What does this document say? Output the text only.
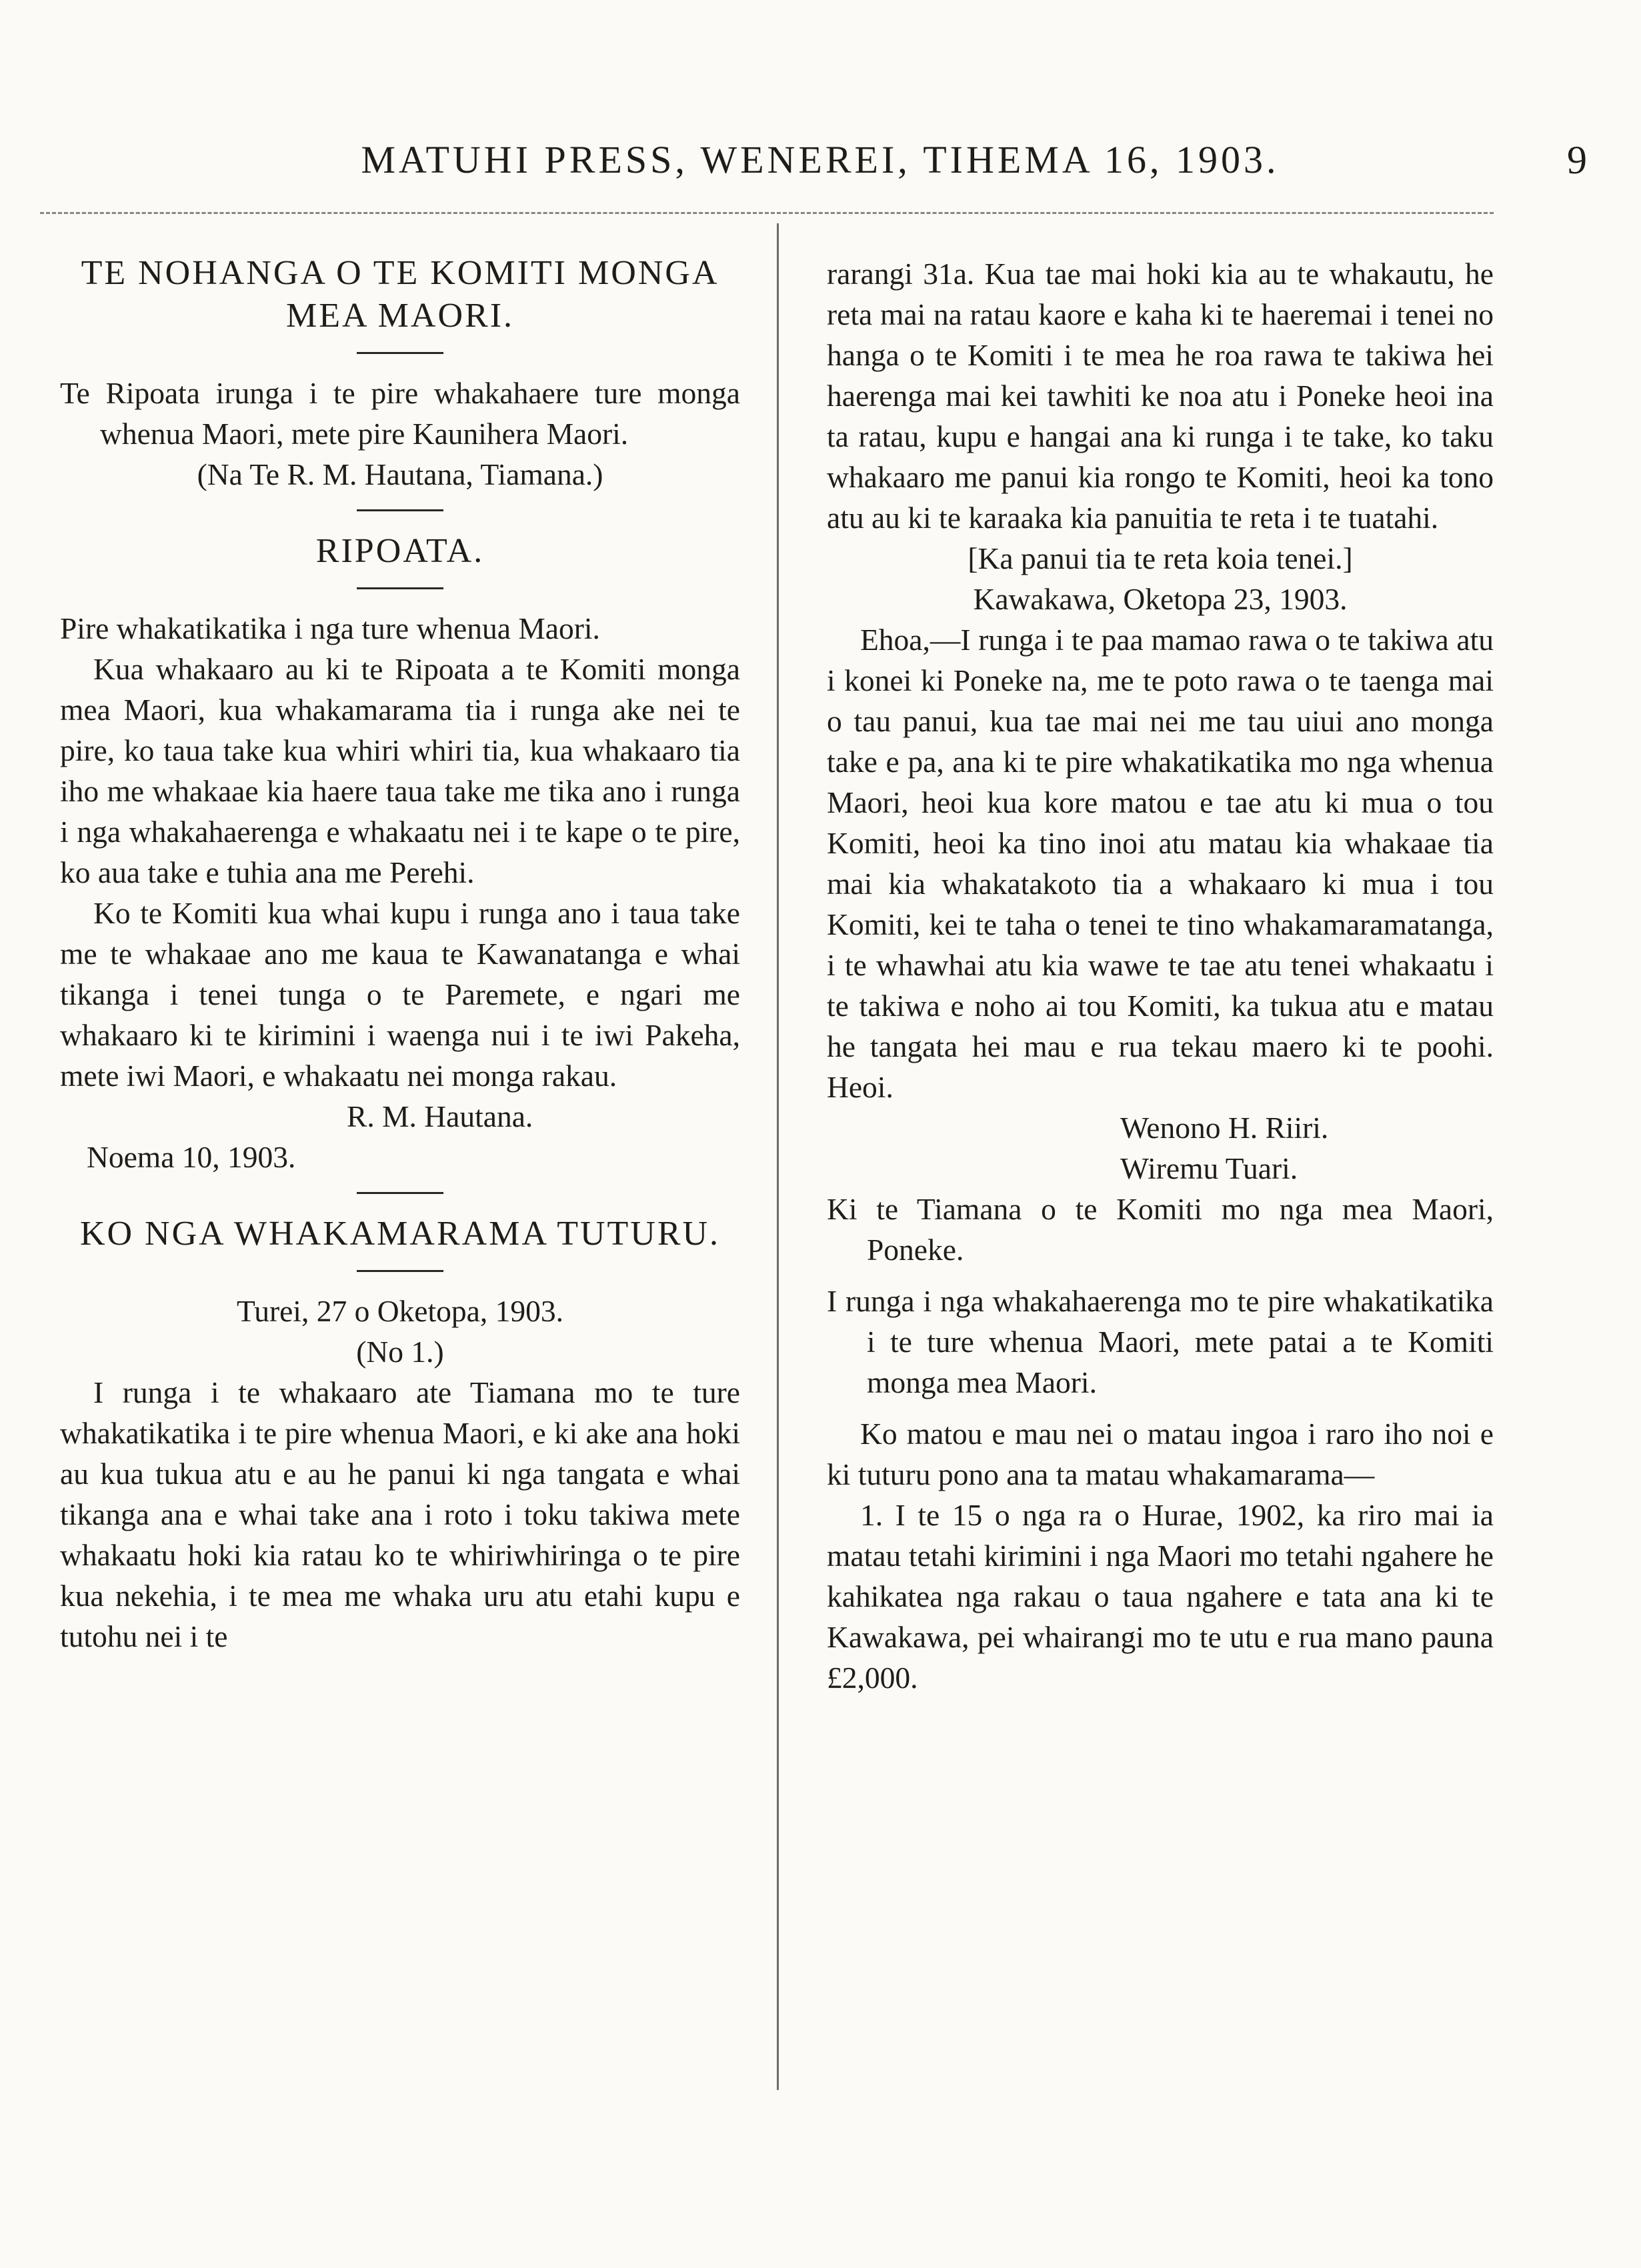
MATUHI PRESS, WENEREI, TIHEMA 16, 1903.	9
TE NOHANGA O TE KOMITI MONGA MEA MAORI.

Te Ripoata irunga i te pire whakahaere ture monga whenua Maori, mete pire Kaunihera Maori.

(Na Te R. M. Hautana, Tiamana.)

RIPOATA.

Pire whakatikatika i nga ture whenua Maori.

Kua whakaaro au ki te Ripoata a te Komiti monga mea Maori, kua whakamarama tia i runga ake nei te pire, ko taua take kua whiri whiri tia, kua whakaaro tia iho me whakaae kia haere taua take me tika ano i runga i nga whakahaerenga e whakaatu nei i te kape o te pire, ko aua take e tuhia ana me Perehi.

Ko te Komiti kua whai kupu i runga ano i taua take me te whakaae ano me kaua te Kawanatanga e whai tikanga i tenei tunga o te Paremete, e ngari me whakaaro ki te kirimini i waenga nui i te iwi Pakeha, mete iwi Maori, e whakaatu nei monga rakau.

R. M. Hautana.

Noema 10, 1903.

KO NGA WHAKAMARAMA TUTURU.

Turei, 27 o Oketopa, 1903.

(No 1.)

I runga i te whakaaro ate Tiamana mo te ture whakatikatika i te pire whenua Maori, e ki ake ana hoki au kua tukua atu e au he panui ki nga tangata e whai tikanga ana e whai take ana i roto i toku takiwa mete whakaatu hoki kia ratau ko te whiriwhiringa o te pire kua nekehia, i te mea me whaka uru atu etahi kupu e tutohu nei i te

rarangi 31a. Kua tae mai hoki kia au te whakautu, he reta mai na ratau kaore e kaha ki te haeremai i tenei no hanga o te Komiti i te mea he roa rawa te takiwa hei haerenga mai kei tawhiti ke noa atu i Poneke heoi ina ta ratau, kupu e hangai ana ki runga i te take, ko taku whakaaro me panui kia rongo te Komiti, heoi ka tono atu au ki te karaaka kia panuitia te reta i te tuatahi.

[Ka panui tia te reta koia tenei.]

Kawakawa, Oketopa 23, 1903.

Ehoa,—I runga i te paa mamao rawa o te takiwa atu i konei ki Poneke na, me te poto rawa o te taenga mai o tau panui, kua tae mai nei me tau uiui ano monga take e pa, ana ki te pire whakatikatika mo nga whenua Maori, heoi kua kore matou e tae atu ki mua o tou Komiti, heoi ka tino inoi atu matau kia whakaae tia mai kia whakatakoto tia a whakaaro ki mua i tou Komiti, kei te taha o tenei te tino whakamaramatanga, i te whawhai atu kia wawe te tae atu tenei whakaatu i te takiwa e noho ai tou Komiti, ka tukua atu e matau he tangata hei mau e rua tekau maero ki te poohi. Heoi.

Wenono H. Riiri.

Wiremu Tuari.

Ki te Tiamana o te Komiti mo nga mea Maori, Poneke.

I runga i nga whakahaerenga mo te pire whakatikatika i te ture whenua Maori, mete patai a te Komiti monga mea Maori.

Ko matou e mau nei o matau ingoa i raro iho noi e ki tuturu pono ana ta matau whakamarama—

1. I te 15 o nga ra o Hurae, 1902, ka riro mai ia matau tetahi kirimini i nga Maori mo tetahi ngahere he kahikatea nga rakau o taua ngahere e tata ana ki te Kawakawa, pei whairangi mo te utu e rua mano pauna £2,000.
